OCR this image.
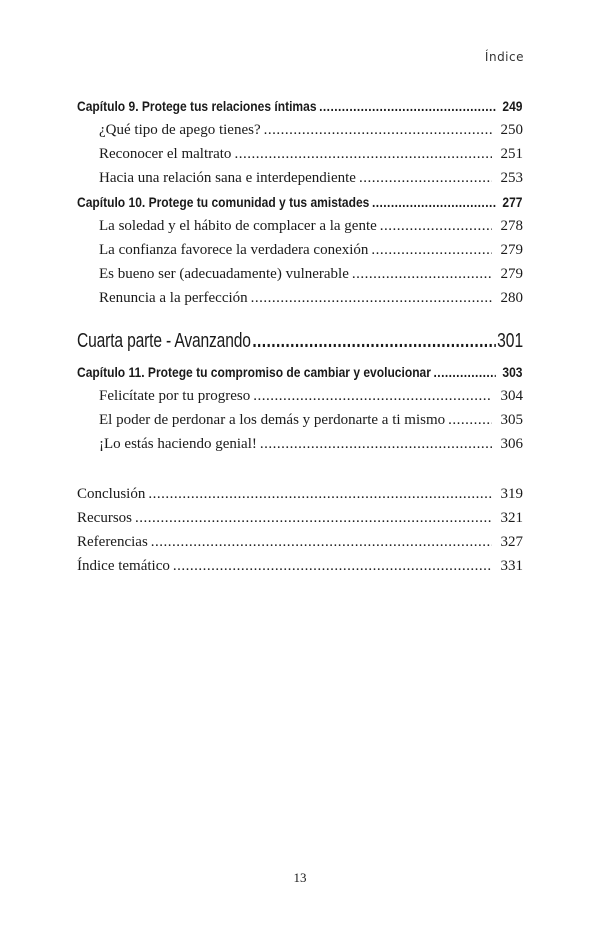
Índice
Capítulo 9. Protege tus relaciones íntimas .....	249
¿Qué tipo de apego tienes? .....	250
Reconocer el maltrato .....	251
Hacia una relación sana e interdependiente .....	253
Capítulo 10. Protege tu comunidad y tus amistades .....	277
La soledad y el hábito de complacer a la gente .....	278
La confianza favorece la verdadera conexión .....	279
Es bueno ser (adecuadamente) vulnerable .....	279
Renuncia a la perfección .....	280
Cuarta parte - Avanzando .....	301
Capítulo 11. Protege tu compromiso de cambiar y evolucionar .....	303
Felicítate por tu progreso .....	304
El poder de perdonar a los demás y perdonarte a ti mismo .....	305
¡Lo estás haciendo genial! .....	306
Conclusión .....	319
Recursos .....	321
Referencias .....	327
Índice temático .....	331
13
